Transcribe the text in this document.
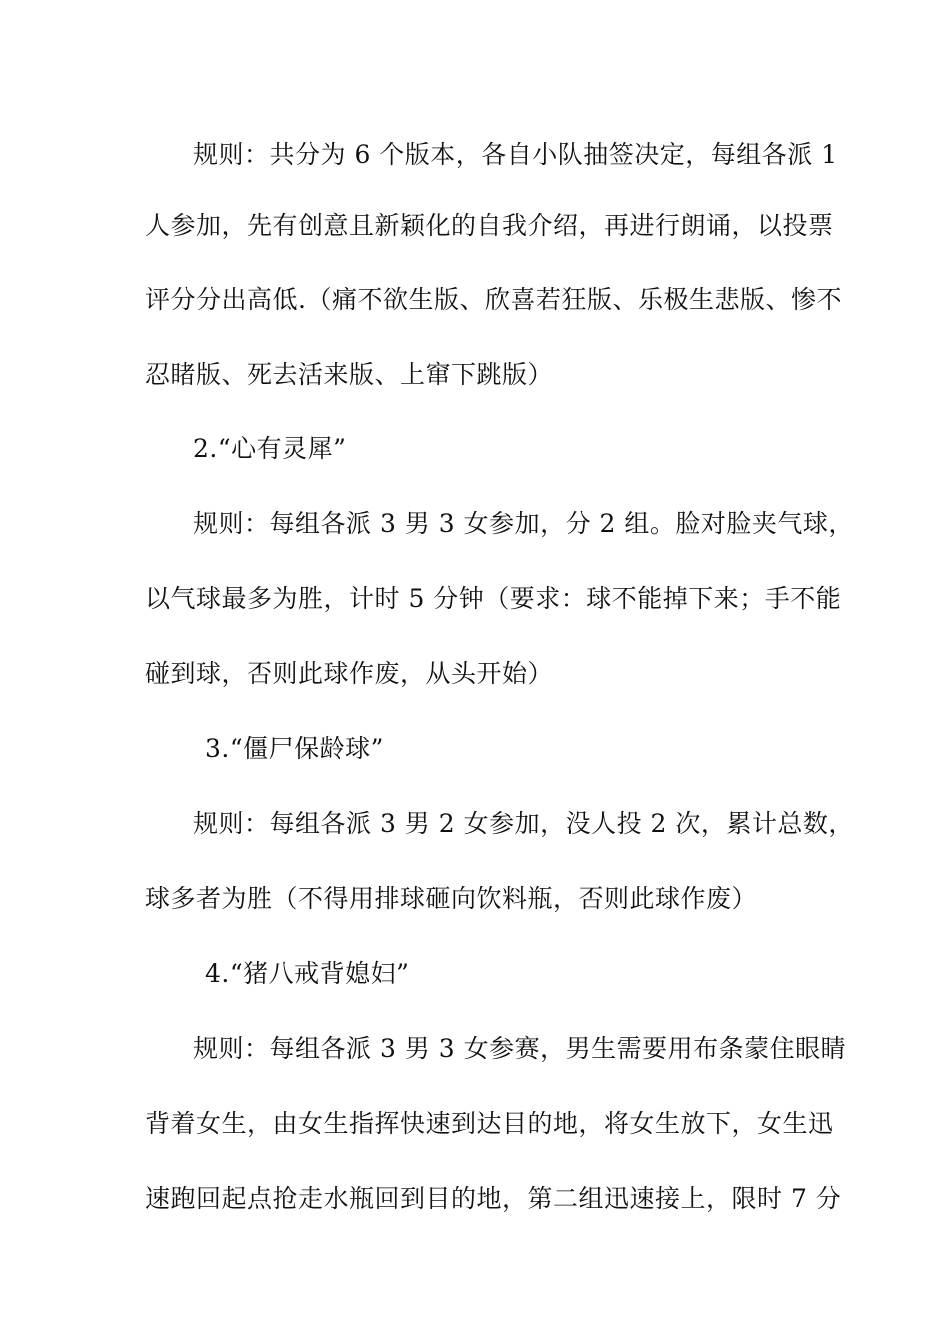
规则：共分为 6 个版本，各自小队抽签决定，每组各派 1
人参加，先有创意且新颖化的自我介绍，再进行朗诵，以投票
评分分出高低.（痛不欲生版、欣喜若狂版、乐极生悲版、惨不
忍睹版、死去活来版、上窜下跳版）
2.“心有灵犀”
规则：每组各派 3 男 3 女参加，分 2 组。脸对脸夹气球，
以气球最多为胜，计时 5 分钟（要求：球不能掉下来；手不能
碰到球，否则此球作废，从头开始）
3.“僵尸保龄球”
规则：每组各派 3 男 2 女参加，没人投 2 次，累计总数，
球多者为胜（不得用排球砸向饮料瓶，否则此球作废）
4.“猪八戒背媳妇”
规则：每组各派 3 男 3 女参赛，男生需要用布条蒙住眼睛
背着女生，由女生指挥快速到达目的地，将女生放下，女生迅
速跑回起点抢走水瓶回到目的地，第二组迅速接上，限时 7 分
